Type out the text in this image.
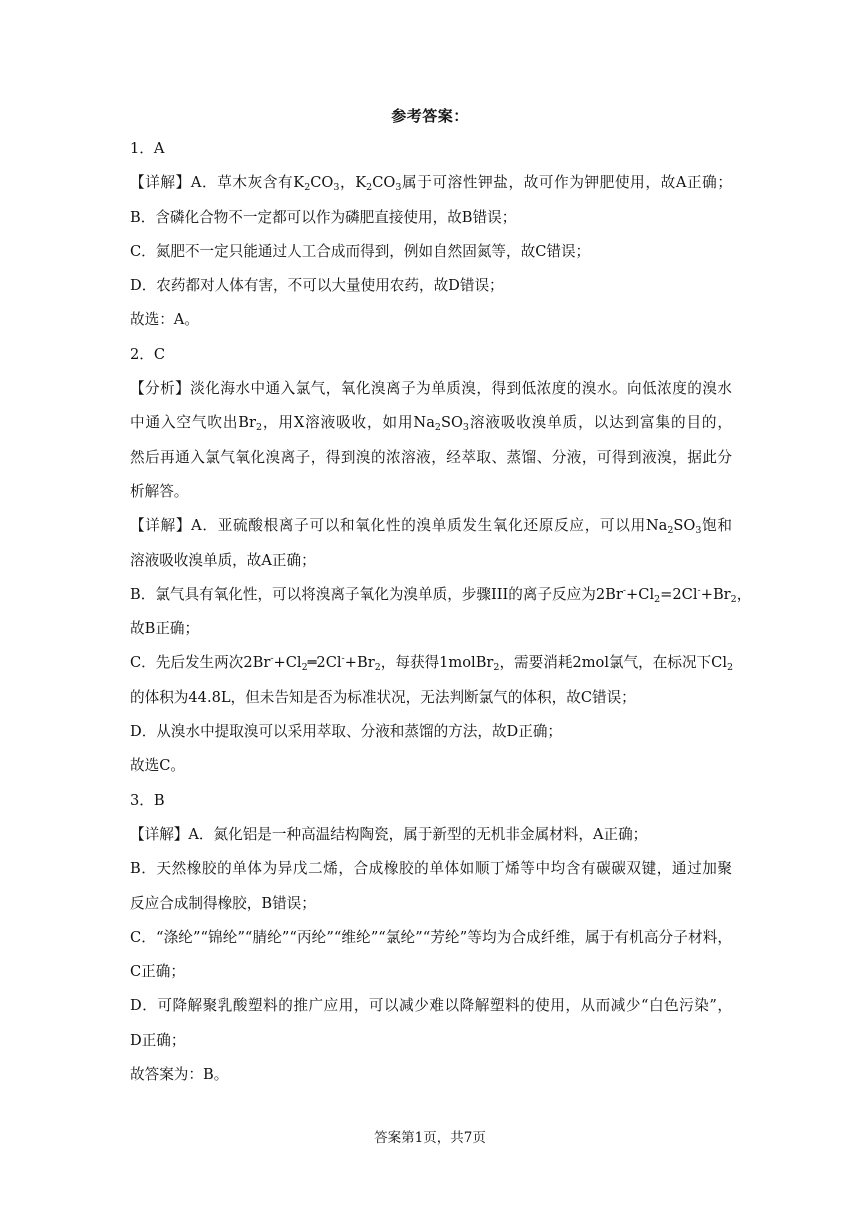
参考答案：
1．A
【详解】A．草木灰含有$K_2CO_3$，$K_2CO_3$属于可溶性钾盐，故可作为钾肥使用，故A正确；
B．含磷化合物不一定都可以作为磷肥直接使用，故B错误；
C．氮肥不一定只能通过人工合成而得到，例如自然固氮等，故C错误；
D．农药都对人体有害，不可以大量使用农药，故D错误；
故选：A。
2．C
【分析】淡化海水中通入氯气，氧化溴离子为单质溴，得到低浓度的溴水。向低浓度的溴水
中通入空气吹出$Br_2$，用X溶液吸收，如用$Na_2SO_3$溶液吸收溴单质，以达到富集的目的，
然后再通入氯气氧化溴离子，得到溴的浓溶液，经萃取、蒸馏、分液，可得到液溴，据此分
析解答。
【详解】A．亚硫酸根离子可以和氧化性的溴单质发生氧化还原反应，可以用$Na_2SO_3$饱和
溶液吸收溴单质，故A正确；
B．氯气具有氧化性，可以将溴离子氧化为溴单质，步骤III的离子反应为$2Br^-+Cl_2=2Cl^-+Br_2$，
故B正确；
C．先后发生两次$2Br^-+Cl_2═2Cl^-+Br_2$，每获得1molBr$_2$，需要消耗2mol氯气，在标况下$Cl_2$
的体积为44.8L，但未告知是否为标准状况，无法判断氯气的体积，故C错误；
D．从溴水中提取溴可以采用萃取、分液和蒸馏的方法，故D正确；
故选C。
3．B
【详解】A．氮化铝是一种高温结构陶瓷，属于新型的无机非金属材料，A正确；
B．天然橡胶的单体为异戊二烯，合成橡胶的单体如顺丁烯等中均含有碳碳双键，通过加聚
反应合成制得橡胶，B错误；
C．“涤纶”“锦纶”“腈纶”“丙纶”“维纶”“氯纶”“芳纶”等均为合成纤维，属于有机高分子材料，
C正确；
D．可降解聚乳酸塑料的推广应用，可以减少难以降解塑料的使用，从而减少“白色污染”，
D正确；
故答案为：B。
答案第1页，共7页
